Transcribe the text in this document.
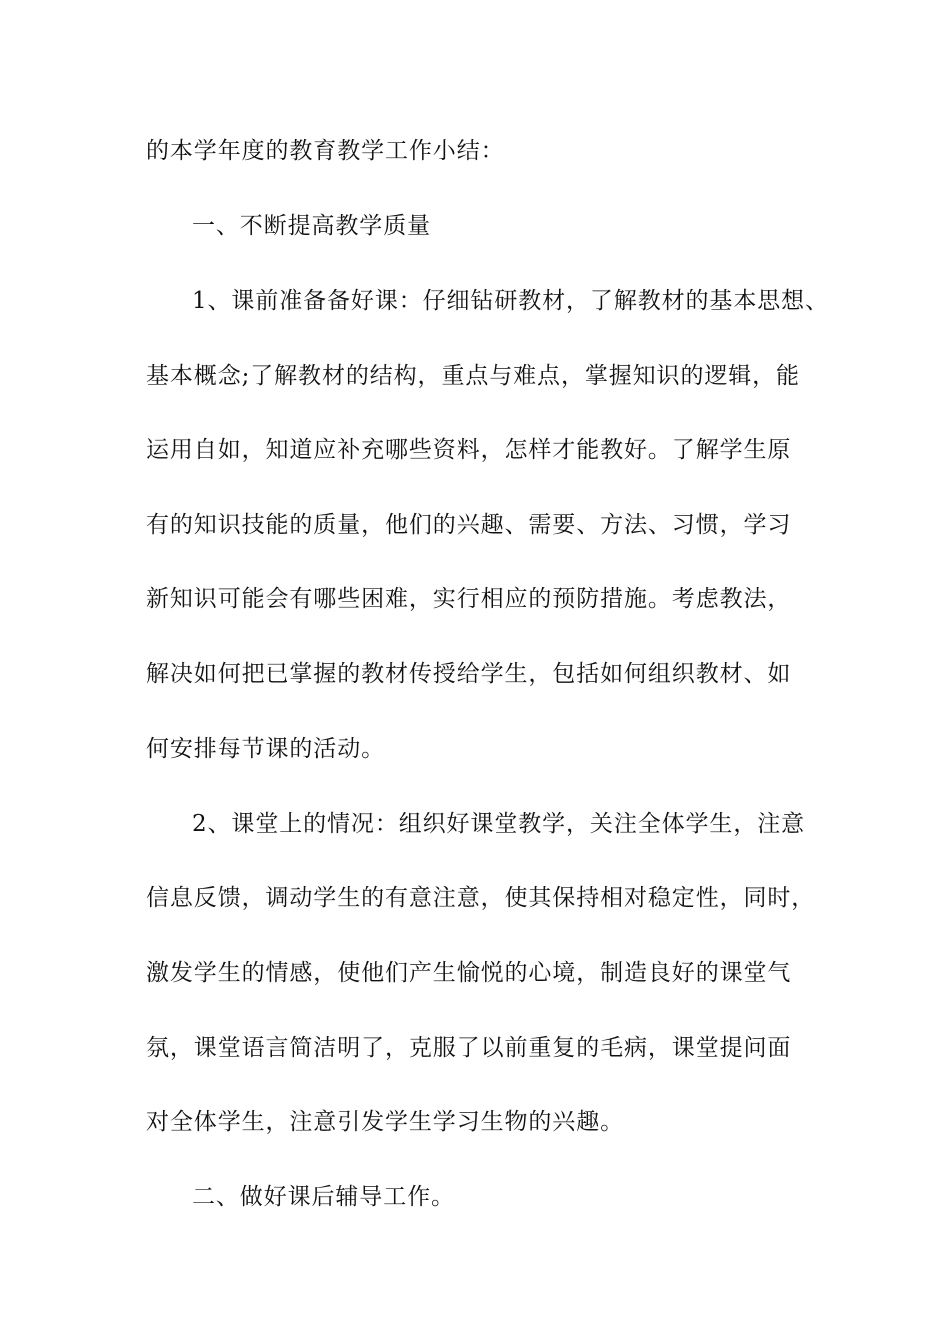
的本学年度的教育教学工作小结：
一、不断提高教学质量
1、课前准备备好课：仔细钻研教材，了解教材的基本思想、
基本概念;了解教材的结构，重点与难点，掌握知识的逻辑，能
运用自如，知道应补充哪些资料，怎样才能教好。了解学生原
有的知识技能的质量，他们的兴趣、需要、方法、习惯，学习
新知识可能会有哪些困难，实行相应的预防措施。考虑教法，
解决如何把已掌握的教材传授给学生，包括如何组织教材、如
何安排每节课的活动。
2、课堂上的情况：组织好课堂教学，关注全体学生，注意
信息反馈，调动学生的有意注意，使其保持相对稳定性，同时，
激发学生的情感，使他们产生愉悦的心境，制造良好的课堂气
氛，课堂语言简洁明了，克服了以前重复的毛病，课堂提问面
对全体学生，注意引发学生学习生物的兴趣。
二、做好课后辅导工作。
